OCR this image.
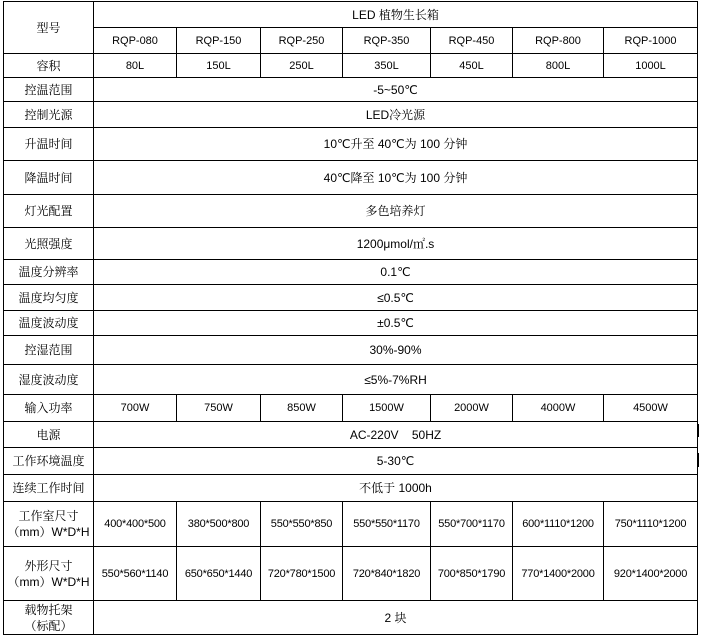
型号	LED 植物生长箱						
	RQP-080	RQP-150	RQP-250	RQP-350	RQP-450	RQP-800	RQP-1000
容积	80L	150L	250L	350L	450L	800L	1000L
控温范围	-5~50℃						
控制光源	LED冷光源						
升温时间	10℃升至 40℃为 100 分钟						
降温时间	40℃降至 10℃为 100 分钟						
灯光配置	多色培养灯						
光照强度	1200μmol/㎡.s						
温度分辨率	0.1℃						
温度均匀度	≤0.5℃						
温度波动度	±0.5℃						
控湿范围	30%-90%						
湿度波动度	≤5%-7%RH						
输入功率	700W	750W	850W	1500W	2000W	4000W	4500W
电源	AC-220V    50HZ						
工作环境温度	5-30℃						
连续工作时间	不低于 1000h						

工作室尺寸
（mm）W*D*H	400*400*500	380*500*800	550*550*850	550*550*1170	550*700*1170	600*1110*1200	750*1110*1200

外形尺寸
（mm）W*D*H	550*560*1140	650*650*1440	720*780*1500	720*840*1820	700*850*1790	770*1400*2000	920*1400*2000

载物托架
（标配）	2 块						
